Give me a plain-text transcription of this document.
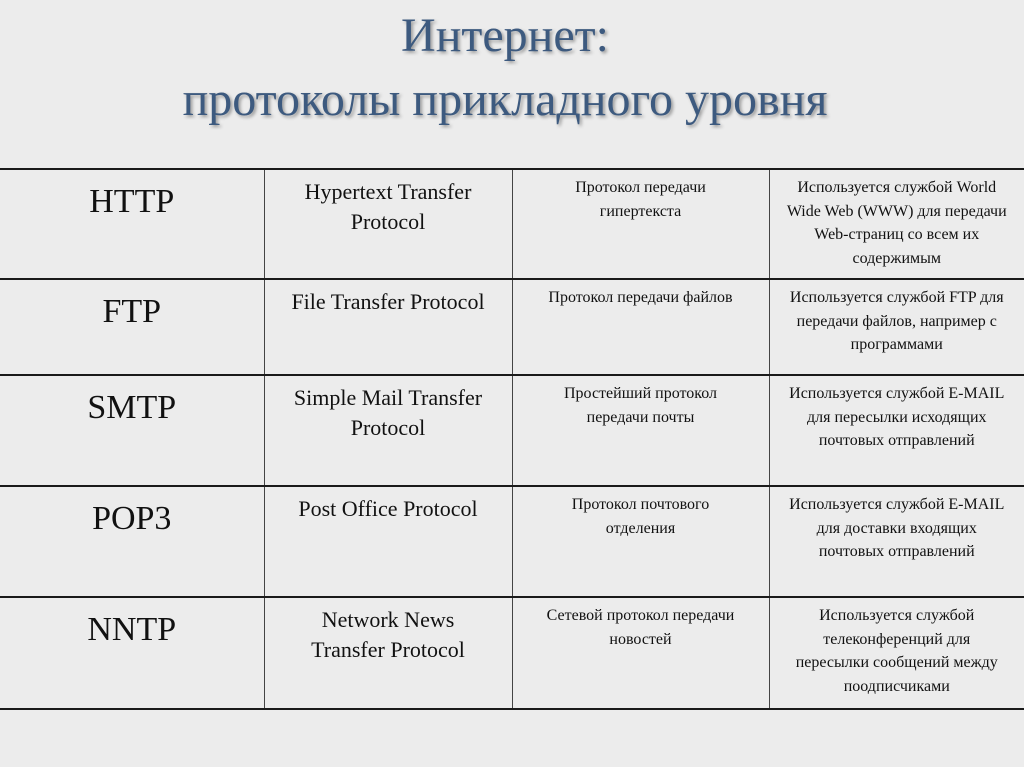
Интернет:
протоколы прикладного уровня
HTTP	Hypertext Transfer Protocol	Протокол передачи гипертекста	Используется службой World Wide Web (WWW) для передачи Web-страниц со всем их содержимым

FTP	File Transfer Protocol	Протокол передачи файлов	Используется службой FTP для передачи файлов, например с программами

SMTP	Simple Mail Transfer Protocol	Простейший протокол передачи почты	Используется службой E-MAIL для пересылки исходящих почтовых отправлений

POP3	Post Office Protocol	Протокол почтового отделения	Используется службой E-MAIL для доставки входящих почтовых отправлений

NNTP	Network News Transfer Protocol	Сетевой протокол передачи новостей	Используется службой телеконференций для пересылки сообщений между поодписчиками
